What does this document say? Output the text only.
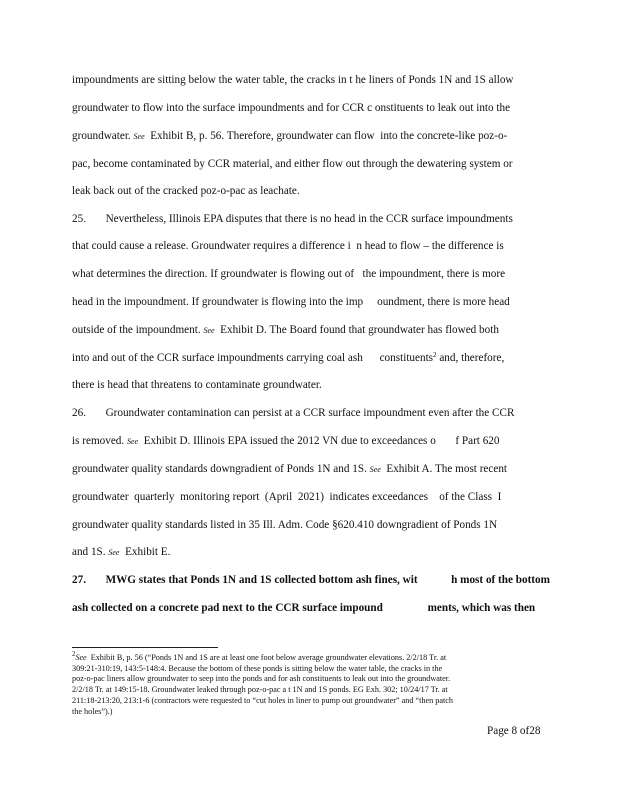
impoundments are sitting below the water table, the cracks in t he liners of Ponds 1N and 1S allow
groundwater to flow into the surface impoundments and for CCR c onstituents to leak out into the
groundwater. See  Exhibit B, p. 56. Therefore, groundwater can flow  into the concrete-like poz-o-
pac, become contaminated by CCR material, and either flow out through the dewatering system or
leak back out of the cracked poz-o-pac as leachate.
25.       Nevertheless, Illinois EPA disputes that there is no head in the CCR surface impoundments
that could cause a release. Groundwater requires a difference i  n head to flow – the difference is
what determines the direction. If groundwater is flowing out of   the impoundment, there is more
head in the impoundment. If groundwater is flowing into the imp     oundment, there is more head
outside of the impoundment. See  Exhibit D. The Board found that groundwater has flowed both
into and out of the CCR surface impoundments carrying coal ash      constituents$^2$ and, therefore,
there is head that threatens to contaminate groundwater.
26.       Groundwater contamination can persist at a CCR surface impoundment even after the CCR
is removed. See  Exhibit D. Illinois EPA issued the 2012 VN due to exceedances o       f Part 620
groundwater quality standards downgradient of Ponds 1N and 1S. See  Exhibit A. The most recent
groundwater  quarterly  monitoring report  (April  2021)  indicates exceedances    of the Class  I
groundwater quality standards listed in 35 Ill. Adm. Code §620.410 downgradient of Ponds 1N
and 1S. See  Exhibit E.
27.       MWG states that Ponds 1N and 1S collected bottom ash fines, wit            h most of the bottom
ash collected on a concrete pad next to the CCR surface impound                ments, which was then
$^2$See  Exhibit B, p. 56 (“Ponds 1N and 1S are at least one foot below average groundwater elevations. 2/2/18 Tr. at
309:21-310:19, 143:5-148:4. Because the bottom of these ponds is sitting below the water table, the cracks in the
poz-o-pac liners allow groundwater to seep into the ponds and for ash constituents to leak out into the groundwater.
2/2/18 Tr. at 149:15-18. Groundwater leaked through poz-o-pac a t 1N and 1S ponds. EG Exh. 302; 10/24/17 Tr. at
211:18-213:20, 213:1-6 (contractors were requested to “cut holes in liner to pump out groundwater” and “then patch
the holes”).)
Page 8 of28
